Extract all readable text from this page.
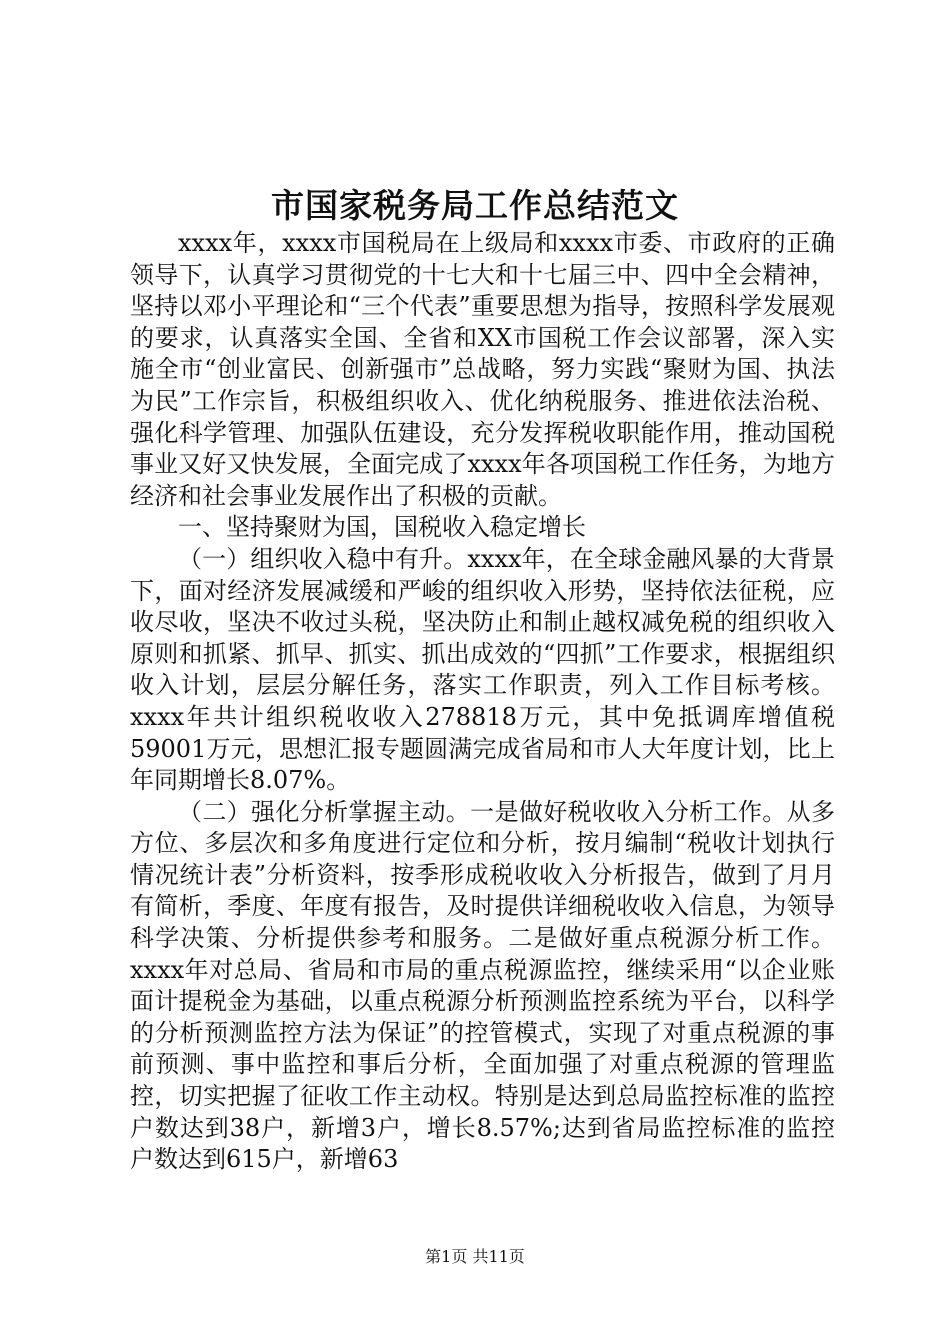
市国家税务局工作总结范文

xxxx年，xxxx市国税局在上级局和xxxx市委、市政府的正确领导下，认真学习贯彻党的十七大和十七届三中、四中全会精神，坚持以邓小平理论和“三个代表”重要思想为指导，按照科学发展观的要求，认真落实全国、全省和XX市国税工作会议部署，深入实施全市“创业富民、创新强市”总战略，努力实践“聚财为国、执法为民”工作宗旨，积极组织收入、优化纳税服务、推进依法治税、强化科学管理、加强队伍建设，充分发挥税收职能作用，推动国税事业又好又快发展，全面完成了xxxx年各项国税工作任务，为地方经济和社会事业发展作出了积极的贡献。

一、坚持聚财为国，国税收入稳定增长

（一）组织收入稳中有升。xxxx年，在全球金融风暴的大背景下，面对经济发展减缓和严峻的组织收入形势，坚持依法征税，应收尽收，坚决不收过头税，坚决防止和制止越权减免税的组织收入原则和抓紧、抓早、抓实、抓出成效的“四抓”工作要求，根据组织收入计划，层层分解任务，落实工作职责，列入工作目标考核。xxxx年共计组织税收收入278818万元，其中免抵调库增值税59001万元，思想汇报专题圆满完成省局和市人大年度计划，比上年同期增长8.07%。

（二）强化分析掌握主动。一是做好税收收入分析工作。从多方位、多层次和多角度进行定位和分析，按月编制“税收计划执行情况统计表”分析资料，按季形成税收收入分析报告，做到了月月有简析，季度、年度有报告，及时提供详细税收收入信息，为领导科学决策、分析提供参考和服务。二是做好重点税源分析工作。xxxx年对总局、省局和市局的重点税源监控，继续采用“以企业账面计提税金为基础，以重点税源分析预测监控系统为平台，以科学的分析预测监控方法为保证”的控管模式，实现了对重点税源的事前预测、事中监控和事后分析，全面加强了对重点税源的管理监控，切实把握了征收工作主动权。特别是达到总局监控标准的监控户数达到38户，新增3户，增长8.57%;达到省局监控标准的监控户数达到615户，新增63

第1页 共11页
